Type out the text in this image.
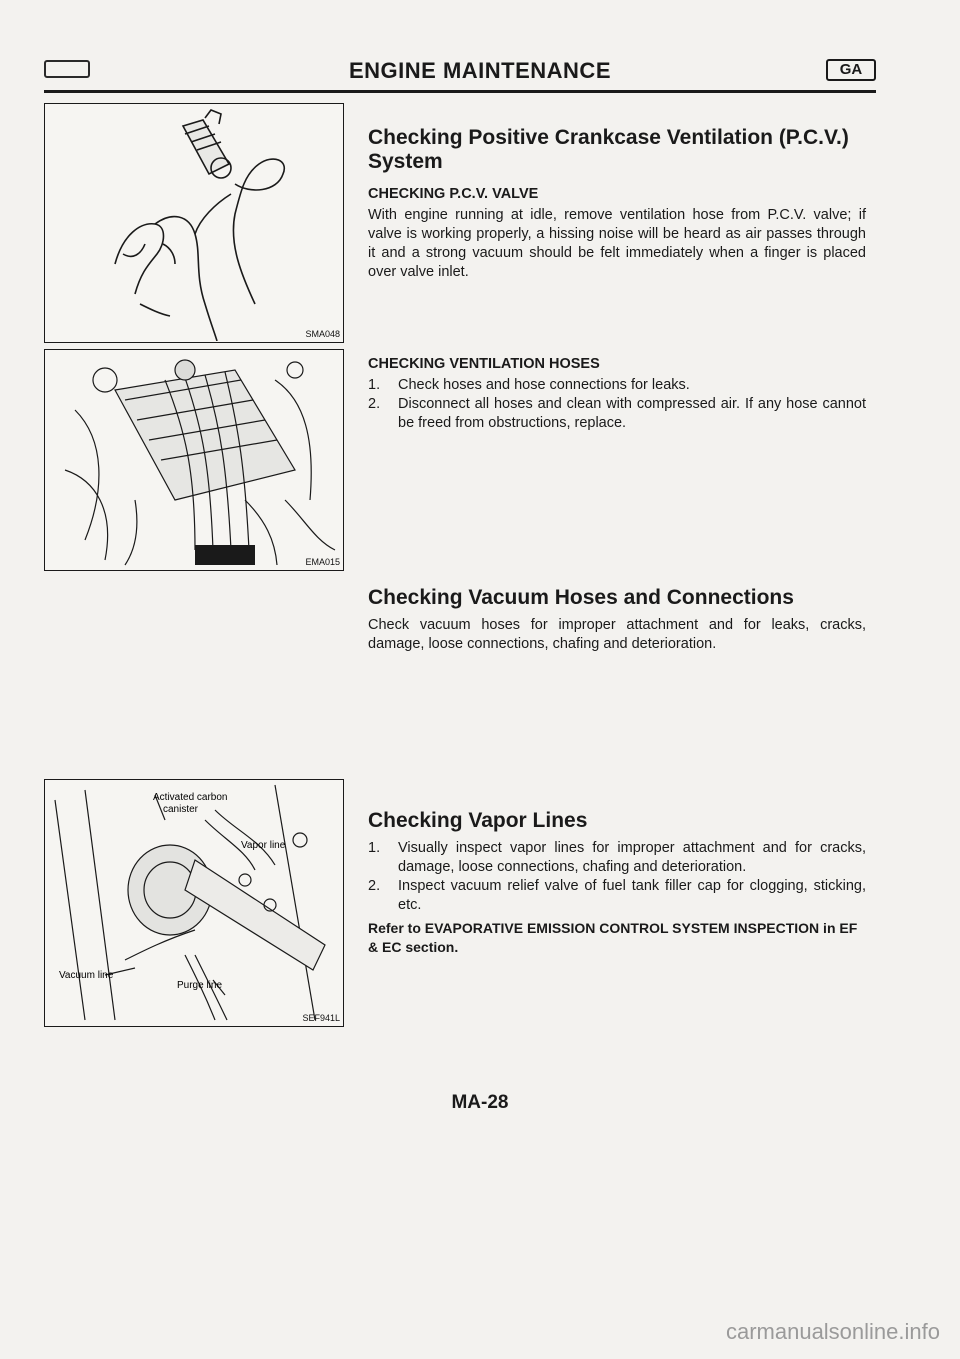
ENGINE MAINTENANCE	GA
SMA048
EMA015
Activated carbon
canister
Vapor line
Vacuum line
Purge line
SEF941L
Checking Positive Crankcase Ventilation (P.C.V.) System
CHECKING P.C.V. VALVE

With engine running at idle, remove ventilation hose from P.C.V. valve; if valve is working properly, a hissing noise will be heard as air passes through it and a strong vacuum should be felt immediately when a finger is placed over valve inlet.

CHECKING VENTILATION HOSES
1. Check hoses and hose connections for leaks.
2. Disconnect all hoses and clean with compressed air. If any hose cannot be freed from obstructions, replace.
Checking Vacuum Hoses and Connections

Check vacuum hoses for improper attachment and for leaks, cracks, damage, loose connections, chafing and deterioration.

Checking Vapor Lines
1. Visually inspect vapor lines for improper attachment and for cracks, damage, loose connections, chafing and deterioration.
2. Inspect vacuum relief valve of fuel tank filler cap for clogging, sticking, etc.
Refer to EVAPORATIVE EMISSION CONTROL SYSTEM INSPECTION in EF & EC section.
MA-28
carmanualsonline.info
